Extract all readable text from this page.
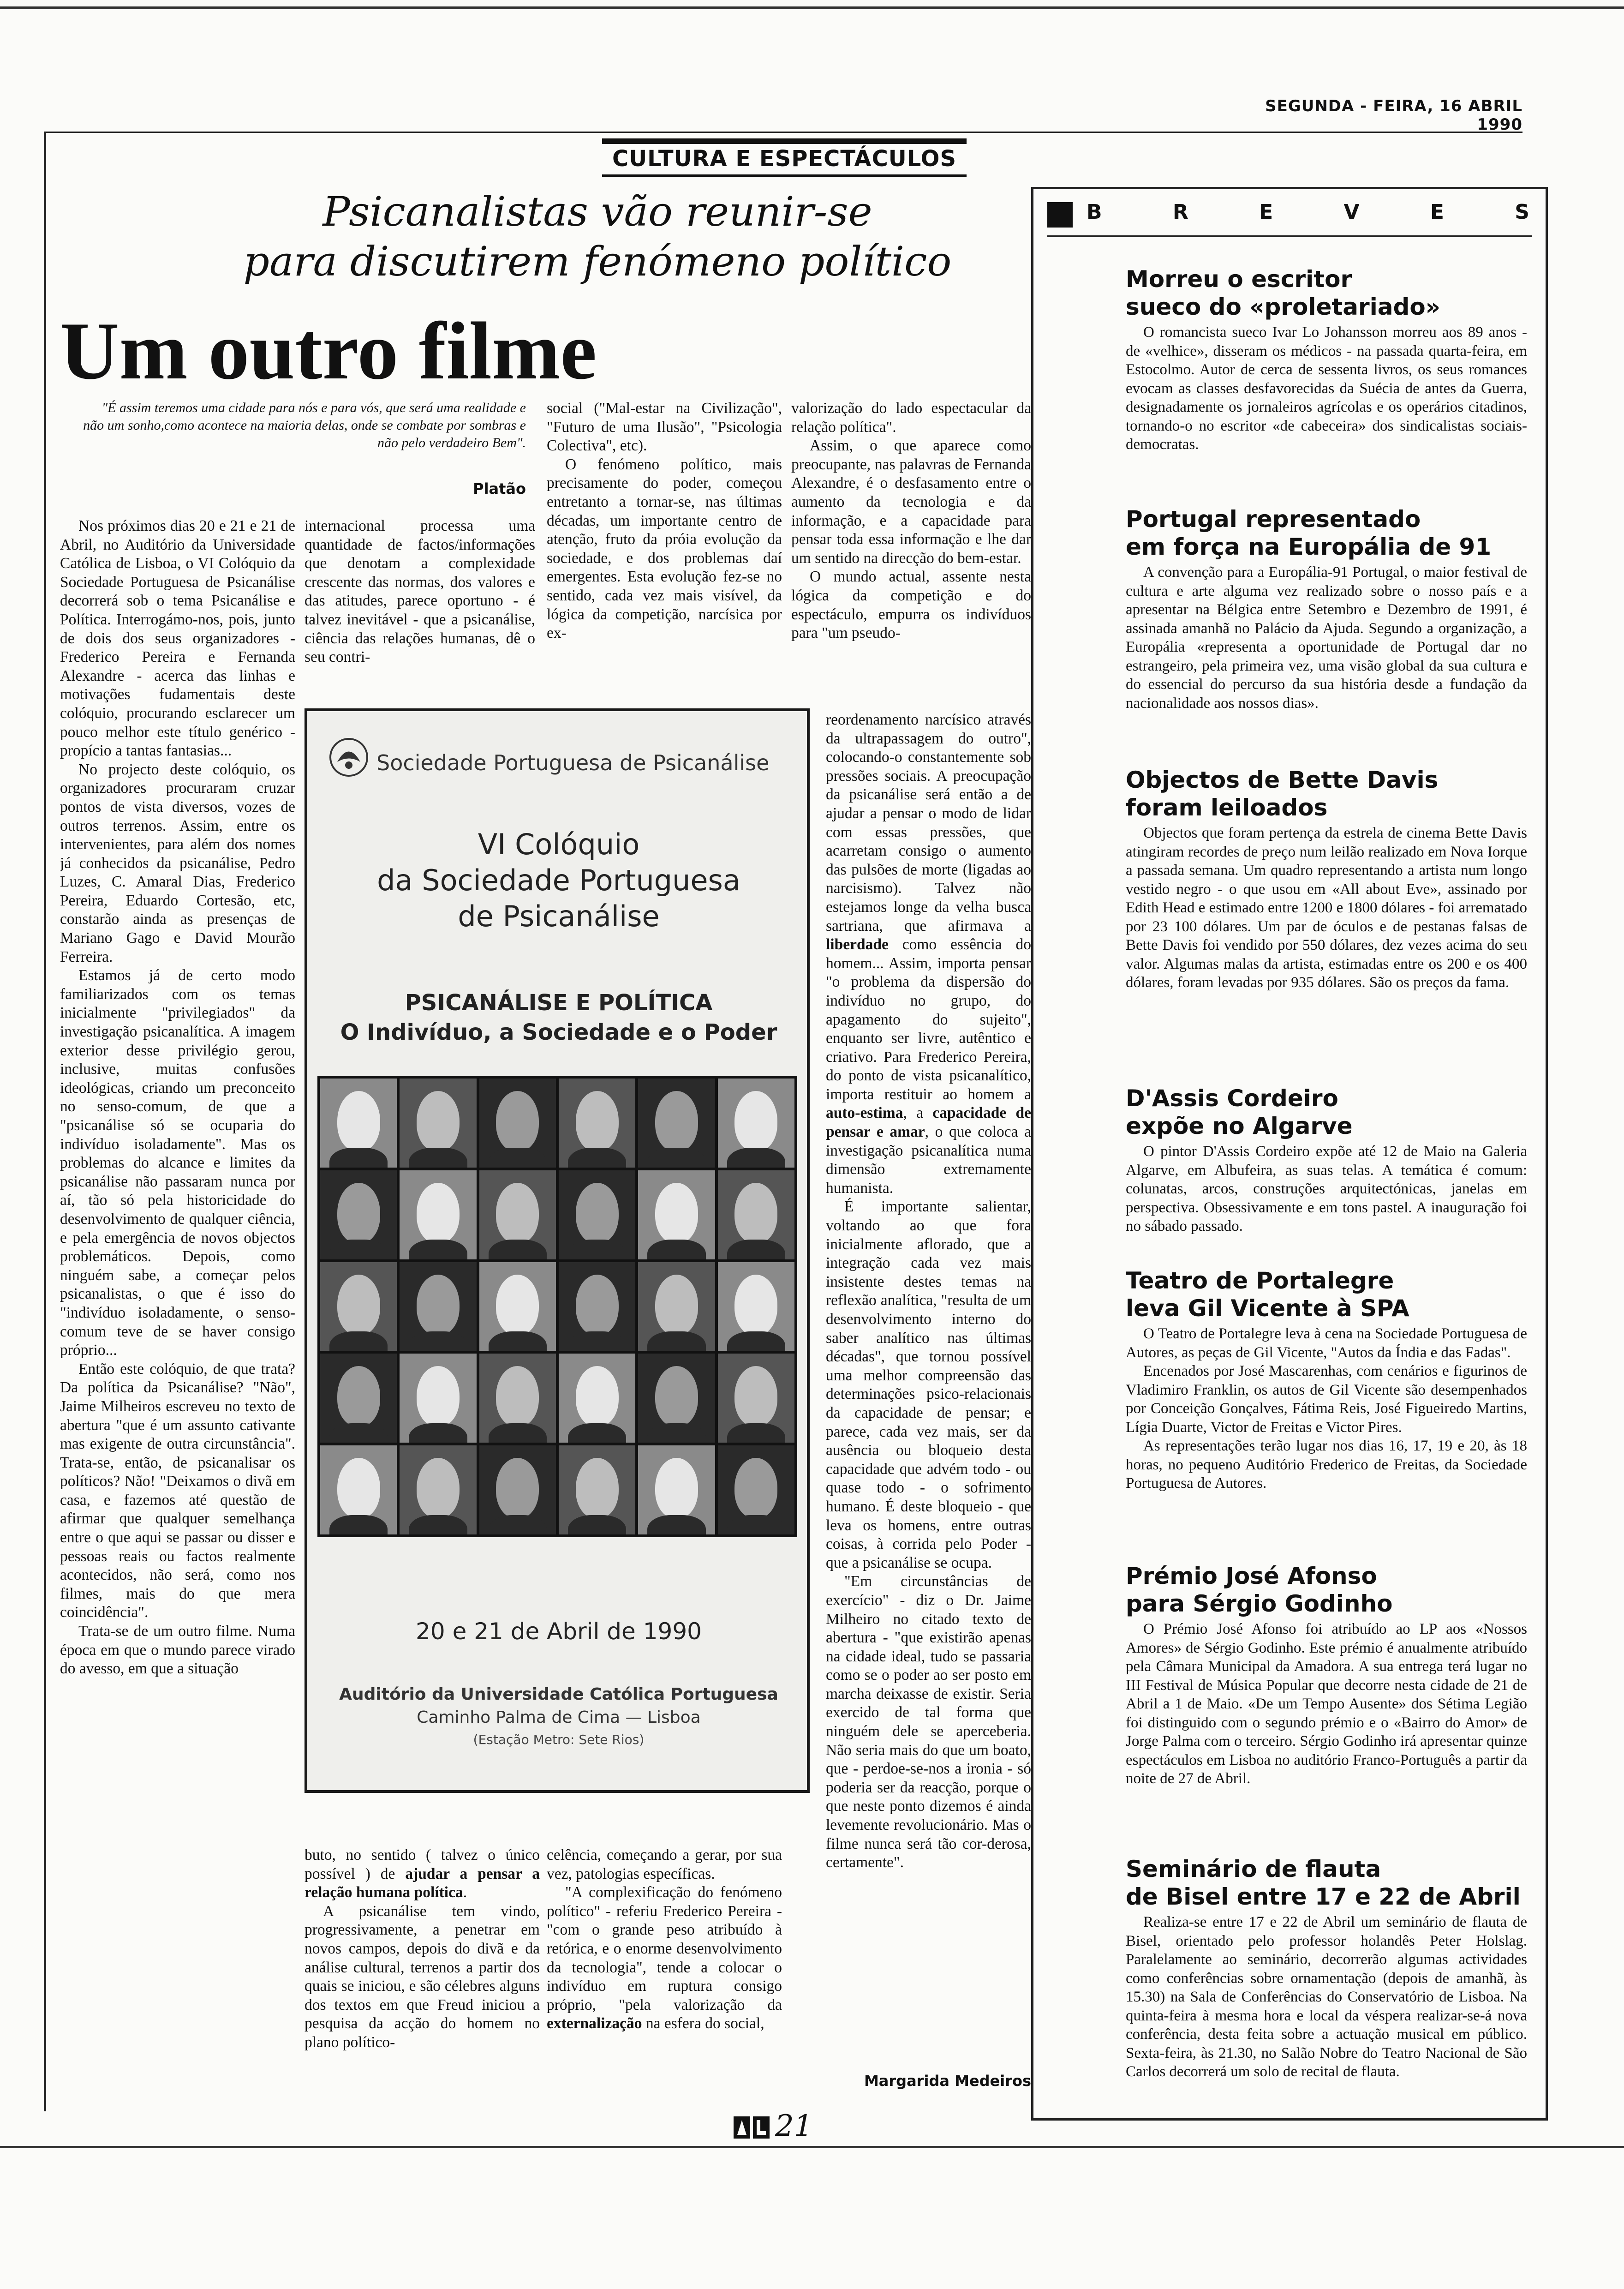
SEGUNDA - FEIRA, 16 ABRIL 1990
CULTURA E ESPECTÁCULOS
Psicanalistas vão reunir-se
para discutirem fenómeno político
Um outro filme
"É assim teremos uma cidade para nós e para vós, que será uma realidade e não um sonho,como acontece na maioria delas, onde se combate por sombras e não pelo verdadeiro Bem".
Platão

Nos próximos dias 20 e 21 e 21 de Abril, no Auditório da Universidade Católica de Lisboa, o VI Colóquio da Sociedade Portuguesa de Psicanálise decorrerá sob o tema Psicanálise e Política. Interrogámo-nos, pois, junto de dois dos seus organizadores - Frederico Pereira e Fernanda Alexandre - acerca das linhas e motivações fudamentais deste colóquio, procurando esclarecer um pouco melhor este título genérico - propício a tantas fantasias...

No projecto deste colóquio, os organizadores procuraram cruzar pontos de vista diversos, vozes de outros terrenos. Assim, entre os intervenientes, para além dos nomes já conhecidos da psicanálise, Pedro Luzes, C. Amaral Dias, Frederico Pereira, Eduardo Cortesão, etc, constarão ainda as presenças de Mariano Gago e David Mourão Ferreira.

Estamos já de certo modo familiarizados com os temas inicialmente "privilegiados" da investigação psicanalítica. A imagem exterior desse privilégio gerou, inclusive, muitas confusões ideológicas, criando um preconceito no senso-comum, de que a "psicanálise só se ocuparia do indivíduo isoladamente". Mas os problemas do alcance e limites da psicanálise não passaram nunca por aí, tão só pela historicidade do desenvolvimento de qualquer ciência, e pela emergência de novos objectos problemáticos. Depois, como ninguém sabe, a começar pelos psicanalistas, o que é isso do "indivíduo isoladamente, o senso-comum teve de se haver consigo próprio...

Então este colóquio, de que trata? Da política da Psicanálise? "Não", Jaime Milheiros escreveu no texto de abertura "que é um assunto cativante mas exigente de outra circunstância". Trata-se, então, de psicanalisar os políticos? Não! "Deixamos o divã em casa, e fazemos até questão de afirmar que qualquer semelhança entre o que aqui se passar ou disser e pessoas reais ou factos realmente acontecidos, não será, como nos filmes, mais do que mera coincidência".

Trata-se de um outro filme. Numa época em que o mundo parece virado do avesso, em que a situação

internacional processa uma quantidade de factos/informações que denotam a complexidade crescente das normas, dos valores e das atitudes, parece oportuno - é talvez inevitável - que a psicanálise, ciência das relações humanas, dê o seu contri-

social ("Mal-estar na Civilização", "Futuro de uma Ilusão", "Psicologia Colectiva", etc).

O fenómeno político, mais precisamente do poder, começou entretanto a tornar-se, nas últimas décadas, um importante centro de atenção, fruto da próia evolução da sociedade, e dos problemas daí emergentes. Esta evolução fez-se no sentido, cada vez mais visível, da lógica da competição, narcísica por ex-

valorização do lado espectacular da relação política".

Assim, o que aparece como preocupante, nas palavras de Fernanda Alexandre, é o desfasamento entre o aumento da tecnologia e da informação, e a capacidade para pensar toda essa informação e lhe dar um sentido na direcção do bem-estar.

O mundo actual, assente nesta lógica da competição e do espectáculo, empurra os indivíduos para "um pseudo-

reordenamento narcísico através da ultrapassagem do outro", colocando-o constantemente sob pressões sociais. A preocupação da psicanálise será então a de ajudar a pensar o modo de lidar com essas pressões, que acarretam consigo o aumento das pulsões de morte (ligadas ao narcisismo). Talvez não estejamos longe da velha busca sartriana, que afirmava a liberdade como essência do homem... Assim, importa pensar "o problema da dispersão do indivíduo no grupo, do apagamento do sujeito", enquanto ser livre, autêntico e criativo. Para Frederico Pereira, do ponto de vista psicanalítico, importa restituir ao homem a auto-estima, a capacidade de pensar e amar, o que coloca a investigação psicanalítica numa dimensão extremamente humanista.

É importante salientar, voltando ao que fora inicialmente aflorado, que a integração cada vez mais insistente destes temas na reflexão analítica, "resulta de um desenvolvimento interno do saber analítico nas últimas décadas", que tornou possível uma melhor compreensão das determinações psico-relacionais da capacidade de pensar; e parece, cada vez mais, ser da ausência ou bloqueio desta capacidade que advém todo - ou quase todo - o sofrimento humano. É deste bloqueio - que leva os homens, entre outras coisas, à corrida pelo Poder - que a psicanálise se ocupa.

"Em circunstâncias de exercício" - diz o Dr. Jaime Milheiro no citado texto de abertura - "que existirão apenas na cidade ideal, tudo se passaria como se o poder ao ser posto em marcha deixasse de existir. Seria exercido de tal forma que ninguém dele se aperceberia. Não seria mais do que um boato, que - perdoe-se-nos a ironia - só poderia ser da reacção, porque o que neste ponto dizemos é ainda levemente revolucionário. Mas o filme nunca será tão cor-derosa, certamente".

buto, no sentido ( talvez o único possível ) de ajudar a pensar a relação humana política.

A psicanálise tem vindo, progressivamente, a penetrar em novos campos, depois do divã e da análise cultural, terrenos a partir dos quais se iniciou, e são célebres alguns dos textos em que Freud iniciou a pesquisa da acção do homem no plano político-

celência, começando a gerar, por sua vez, patologias específicas.

"A complexificação do fenómeno político" - referiu Frederico Pereira - "com o grande peso atribuído à retórica, e o enorme desenvolvimento da tecnologia", tende a colocar o indivíduo em ruptura consigo próprio, "pela valorização da externalização na esfera do social,

Margarida Medeiros
Sociedade Portuguesa de Psicanálise
VI Colóquio
da Sociedade Portuguesa
de Psicanálise
PSICANÁLISE E POLÍTICA
O Indivíduo, a Sociedade e o Poder
20 e 21 de Abril de 1990
Auditório da Universidade Católica Portuguesa
Caminho Palma de Cima — Lisboa
(Estação Metro: Sete Rios)
B	R	E	V	E	S
Morreu o escritor
sueco do «proletariado»
O romancista sueco Ivar Lo Johansson morreu aos 89 anos - de «velhice», disseram os médicos - na passada quarta-feira, em Estocolmo. Autor de cerca de sessenta livros, os seus romances evocam as classes desfavorecidas da Suécia de antes da Guerra, designadamente os jornaleiros agrícolas e os operários citadinos, tornando-o no escritor «de cabeceira» dos sindicalistas sociais-democratas.
Portugal representado
em força na Europália de 91
A convenção para a Europália-91 Portugal, o maior festival de cultura e arte alguma vez realizado sobre o nosso país e a apresentar na Bélgica entre Setembro e Dezembro de 1991, é assinada amanhã no Palácio da Ajuda. Segundo a organização, a Europália «representa a oportunidade de Portugal dar no estrangeiro, pela primeira vez, uma visão global da sua cultura e do essencial do percurso da sua história desde a fundação da nacionalidade aos nossos dias».
Objectos de Bette Davis
foram leiloados
Objectos que foram pertença da estrela de cinema Bette Davis atingiram recordes de preço num leilão realizado em Nova Iorque a passada semana. Um quadro representando a artista num longo vestido negro - o que usou em «All about Eve», assinado por Edith Head e estimado entre 1200 e 1800 dólares - foi arrematado por 23 100 dólares. Um par de óculos e de pestanas falsas de Bette Davis foi vendido por 550 dólares, dez vezes acima do seu valor. Algumas malas da artista, estimadas entre os 200 e os 400 dólares, foram levadas por 935 dólares. São os preços da fama.
D'Assis Cordeiro
expõe no Algarve
O pintor D'Assis Cordeiro expõe até 12 de Maio na Galeria Algarve, em Albufeira, as suas telas. A temática é comum: colunatas, arcos, construções arquitectónicas, janelas em perspectiva. Obsessivamente e em tons pastel. A inauguração foi no sábado passado.
Teatro de Portalegre
leva Gil Vicente à SPA
O Teatro de Portalegre leva à cena na Sociedade Portuguesa de Autores, as peças de Gil Vicente, "Autos da Índia e das Fadas".
Encenados por José Mascarenhas, com cenários e figurinos de Vladimiro Franklin, os autos de Gil Vicente são desempenhados por Conceição Gonçalves, Fátima Reis, José Figueiredo Martins, Lígia Duarte, Victor de Freitas e Victor Pires.
As representações terão lugar nos dias 16, 17, 19 e 20, às 18 horas, no pequeno Auditório Frederico de Freitas, da Sociedade Portuguesa de Autores.
Prémio José Afonso
para Sérgio Godinho
O Prémio José Afonso foi atribuído ao LP aos «Nossos Amores» de Sérgio Godinho. Este prémio é anualmente atribuído pela Câmara Municipal da Amadora. A sua entrega terá lugar no III Festival de Música Popular que decorre nesta cidade de 21 de Abril a 1 de Maio. «De um Tempo Ausente» dos Sétima Legião foi distinguido com o segundo prémio e o «Bairro do Amor» de Jorge Palma com o terceiro. Sérgio Godinho irá apresentar quinze espectáculos em Lisboa no auditório Franco-Português a partir da noite de 27 de Abril.
Seminário de flauta
de Bisel entre 17 e 22 de Abril
Realiza-se entre 17 e 22 de Abril um seminário de flauta de Bisel, orientado pelo professor holandês Peter Holslag. Paralelamente ao seminário, decorrerão algumas actividades como conferências sobre ornamentação (depois de amanhã, às 15.30) na Sala de Conferências do Conservatório de Lisboa. Na quinta-feira à mesma hora e local da véspera realizar-se-á nova conferência, desta feita sobre a actuação musical em público. Sexta-feira, às 21.30, no Salão Nobre do Teatro Nacional de São Carlos decorrerá um solo de recital de flauta.
21
